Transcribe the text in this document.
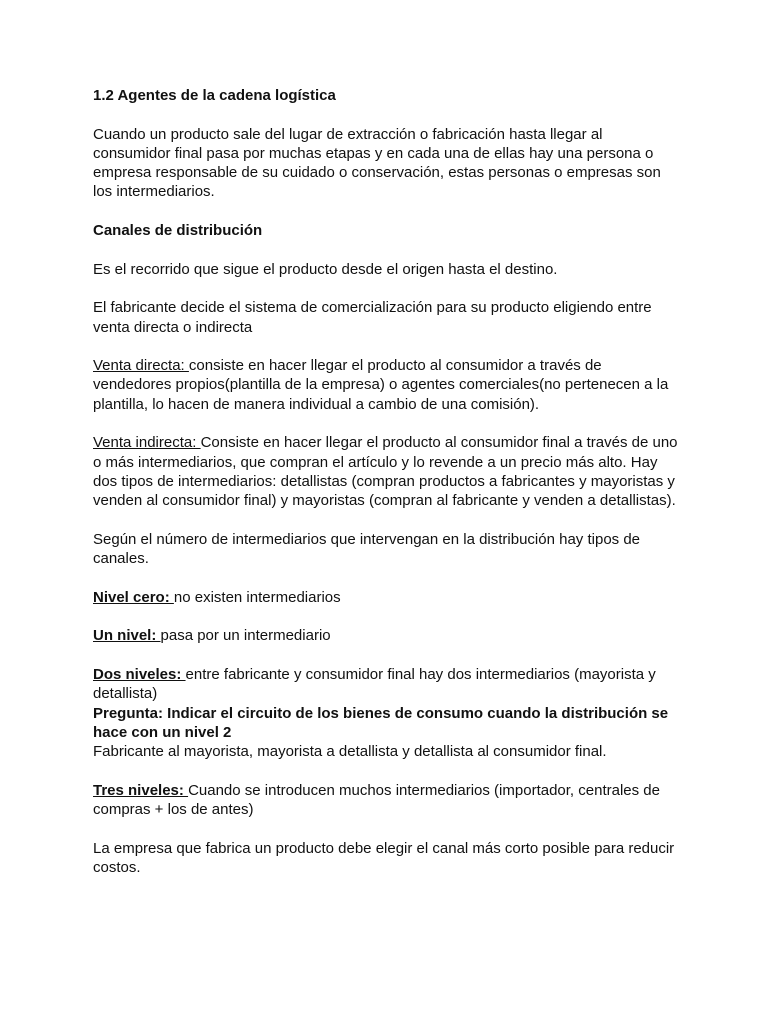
1.2 Agentes de la cadena logística

Cuando un producto sale del lugar de extracción o fabricación hasta llegar al consumidor final pasa por muchas etapas y en cada una de ellas hay una persona o empresa responsable de su cuidado o conservación, estas personas o empresas son los intermediarios.

Canales de distribución

Es el recorrido que sigue el producto desde el origen hasta el destino.

El fabricante decide el sistema de comercialización para su producto eligiendo entre venta directa o indirecta

Venta directa: consiste en hacer llegar el producto al consumidor a través de vendedores propios(plantilla de la empresa) o agentes comerciales(no pertenecen a la plantilla, lo hacen de manera individual a cambio de una comisión).

Venta indirecta: Consiste en hacer llegar el producto al consumidor final a través de uno o más intermediarios, que compran el artículo y lo revende a un precio más alto. Hay dos tipos de intermediarios: detallistas (compran productos a fabricantes y mayoristas y venden al consumidor final) y mayoristas (compran al fabricante y venden a detallistas).

Según el número de intermediarios que intervengan en la distribución hay tipos de canales.

Nivel cero: no existen intermediarios

Un nivel: pasa por un intermediario

Dos niveles: entre fabricante y consumidor final hay dos intermediarios (mayorista y detallista)

Pregunta: Indicar el circuito de los bienes de consumo cuando la distribución se hace con un nivel 2

Fabricante al mayorista, mayorista a detallista y detallista al consumidor final.

Tres niveles: Cuando se introducen muchos intermediarios (importador, centrales de compras + los de antes)

La empresa que fabrica un producto debe elegir el canal más corto posible para reducir costos.
